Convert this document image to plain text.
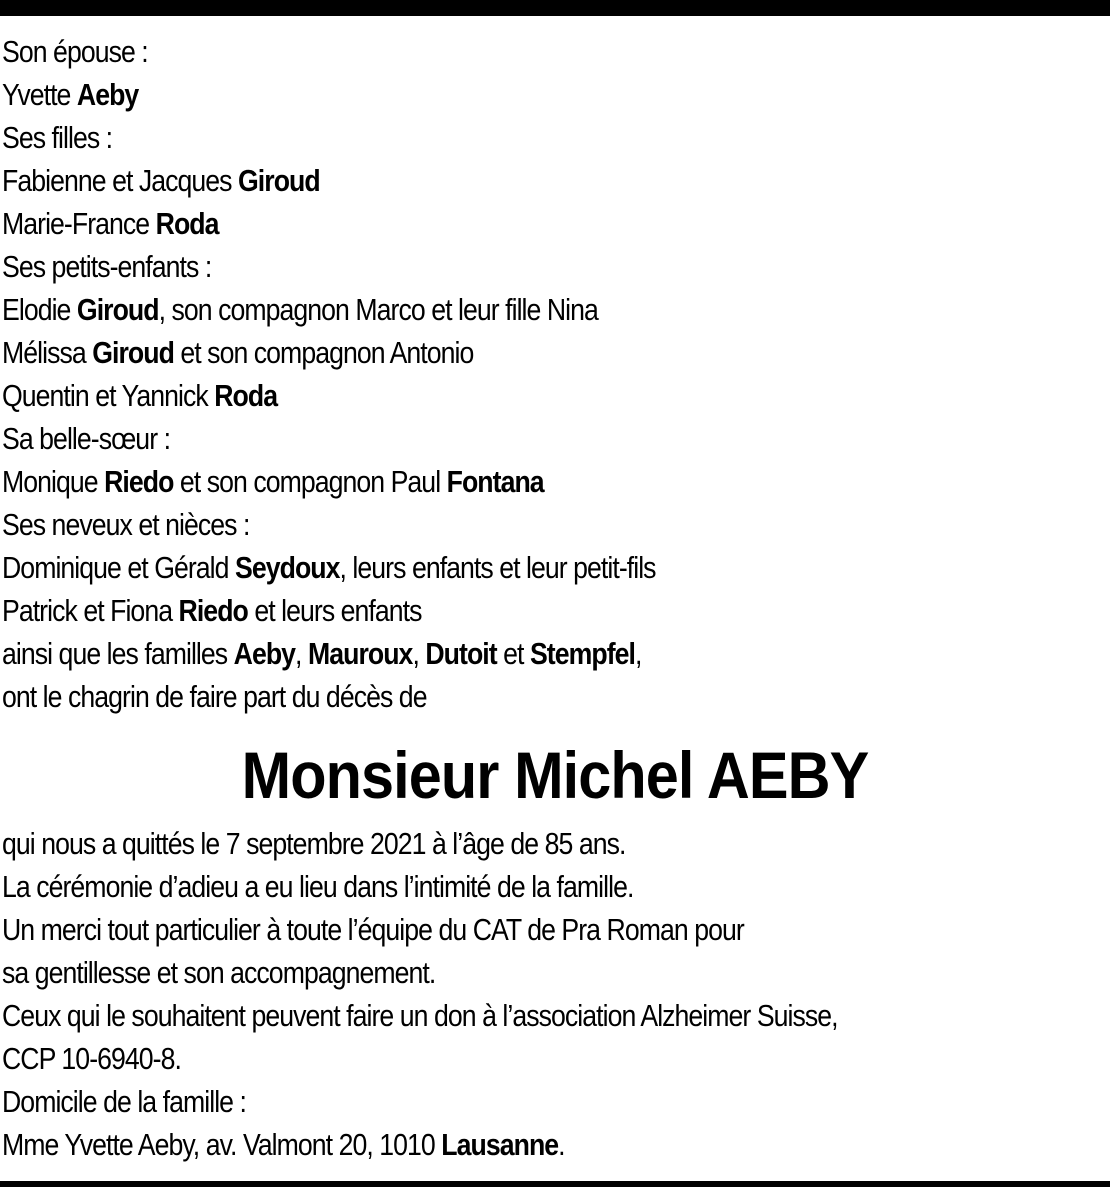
Son épouse :
Yvette Aeby
Ses filles :
Fabienne et Jacques Giroud
Marie-France Roda
Ses petits-enfants :
Elodie Giroud, son compagnon Marco et leur fille Nina
Mélissa Giroud et son compagnon Antonio
Quentin et Yannick Roda
Sa belle-sœur :
Monique Riedo et son compagnon Paul Fontana
Ses neveux et nièces :
Dominique et Gérald Seydoux, leurs enfants et leur petit-fils
Patrick et Fiona Riedo et leurs enfants
ainsi que les familles Aeby, Mauroux, Dutoit et Stempfel,
ont le chagrin de faire part du décès de
Monsieur Michel AEBY
qui nous a quittés le 7 septembre 2021 à l’âge de 85 ans.
La cérémonie d’adieu a eu lieu dans l’intimité de la famille.
Un merci tout particulier à toute l’équipe du CAT de Pra Roman pour
sa gentillesse et son accompagnement.
Ceux qui le souhaitent peuvent faire un don à l’association Alzheimer Suisse,
CCP 10-6940-8.
Domicile de la famille :
Mme Yvette Aeby, av. Valmont 20, 1010 Lausanne.
